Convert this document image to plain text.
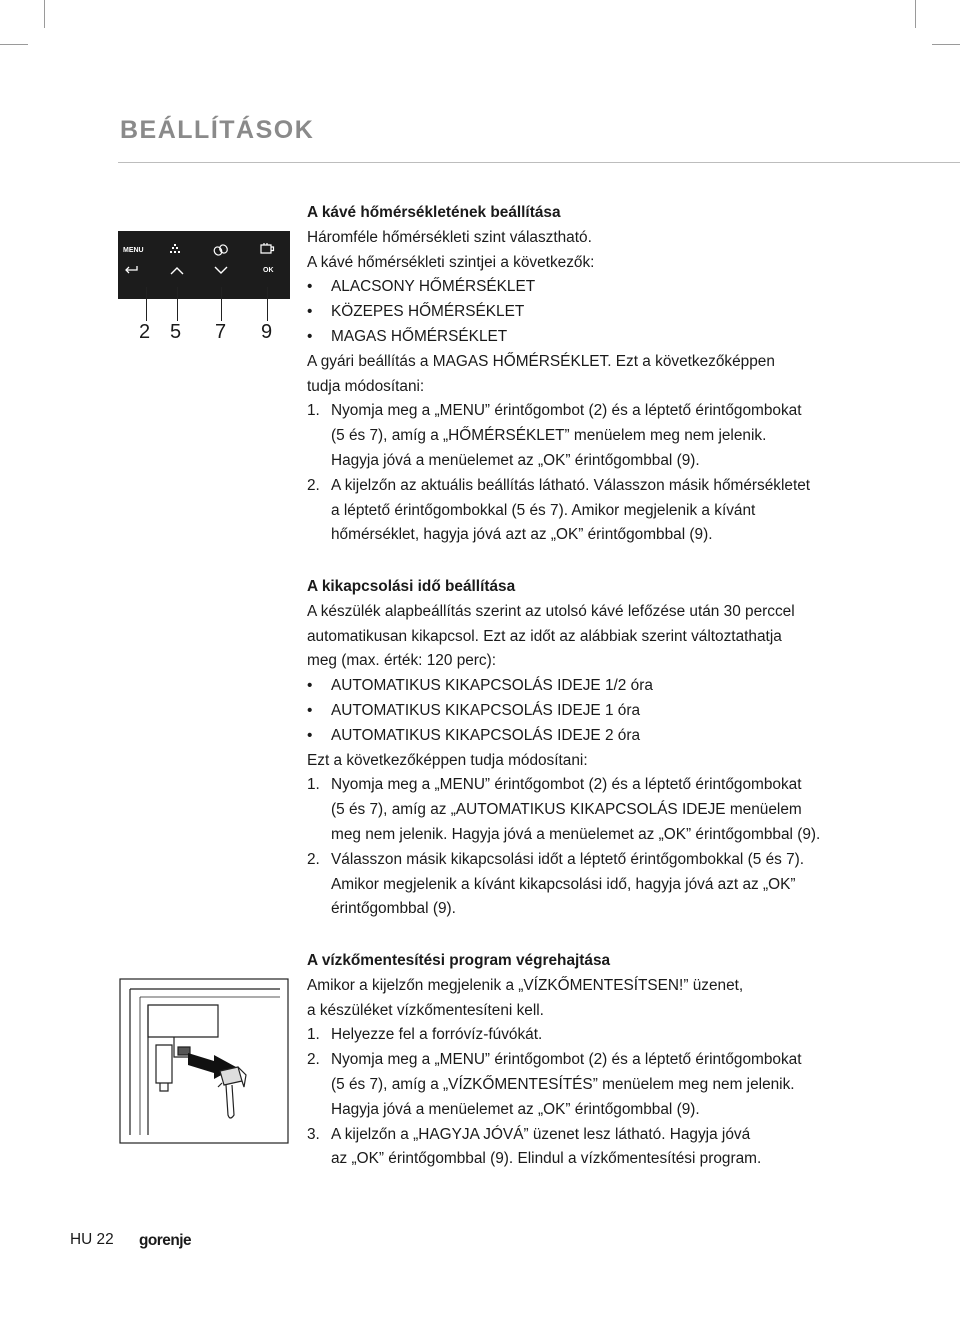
BEÁLLÍTÁSOK
MENU
OK
2 5 7 9

A kávé hőmérsékletének beállítása

Háromféle hőmérsékleti szint választható.

A kávé hőmérsékleti szintjei a következők:

• ALACSONY HŐMÉRSÉKLET
• KÖZEPES HŐMÉRSÉKLET
• MAGAS HŐMÉRSÉKLET

A gyári beállítás a MAGAS HŐMÉRSÉKLET. Ezt a következőképpen

tudja módosítani:

1. Nyomja meg a „MENU” érintőgombot (2) és a léptető érintőgombokat
(5 és 7), amíg a „HŐMÉRSÉKLET” menüelem meg nem jelenik.
Hagyja jóvá a menüelemet az „OK” érintőgombbal (9).
2. A kijelzőn az aktuális beállítás látható. Válasszon másik hőmérsékletet
a léptető érintőgombokkal (5 és 7). Amikor megjelenik a kívánt
hőmérséklet, hagyja jóvá azt az „OK” érintőgombbal (9).

A kikapcsolási idő beállítása

A készülék alapbeállítás szerint az utolsó kávé lefőzése után 30 perccel

automatikusan kikapcsol. Ezt az időt az alábbiak szerint változtathatja

meg (max. érték: 120 perc):

• AUTOMATIKUS KIKAPCSOLÁS IDEJE 1/2 óra
• AUTOMATIKUS KIKAPCSOLÁS IDEJE 1 óra
• AUTOMATIKUS KIKAPCSOLÁS IDEJE 2 óra

Ezt a következőképpen tudja módosítani:

1. Nyomja meg a „MENU” érintőgombot (2) és a léptető érintőgombokat
(5 és 7), amíg az „AUTOMATIKUS KIKAPCSOLÁS IDEJE menüelem
meg nem jelenik. Hagyja jóvá a menüelemet az „OK” érintőgombbal (9).
2. Válasszon másik kikapcsolási időt a léptető érintőgombokkal (5 és 7).
Amikor megjelenik a kívánt kikapcsolási idő, hagyja jóvá azt az „OK”
érintőgombbal (9).

A vízkőmentesítési program végrehajtása

Amikor a kijelzőn megjelenik a „VÍZKŐMENTESÍTSEN!” üzenet,

a készüléket vízkőmentesíteni kell.

1. Helyezze fel a forróvíz-fúvókát.
2. Nyomja meg a „MENU” érintőgombot (2) és a léptető érintőgombokat
(5 és 7), amíg a „VÍZKŐMENTESÍTÉS” menüelem meg nem jelenik.
Hagyja jóvá a menüelemet az „OK” érintőgombbal (9).
3. A kijelzőn a „HAGYJA JÓVÁ” üzenet lesz látható. Hagyja jóvá
az „OK” érintőgombbal (9). Elindul a vízkőmentesítési program.
HU 22 gorenje
